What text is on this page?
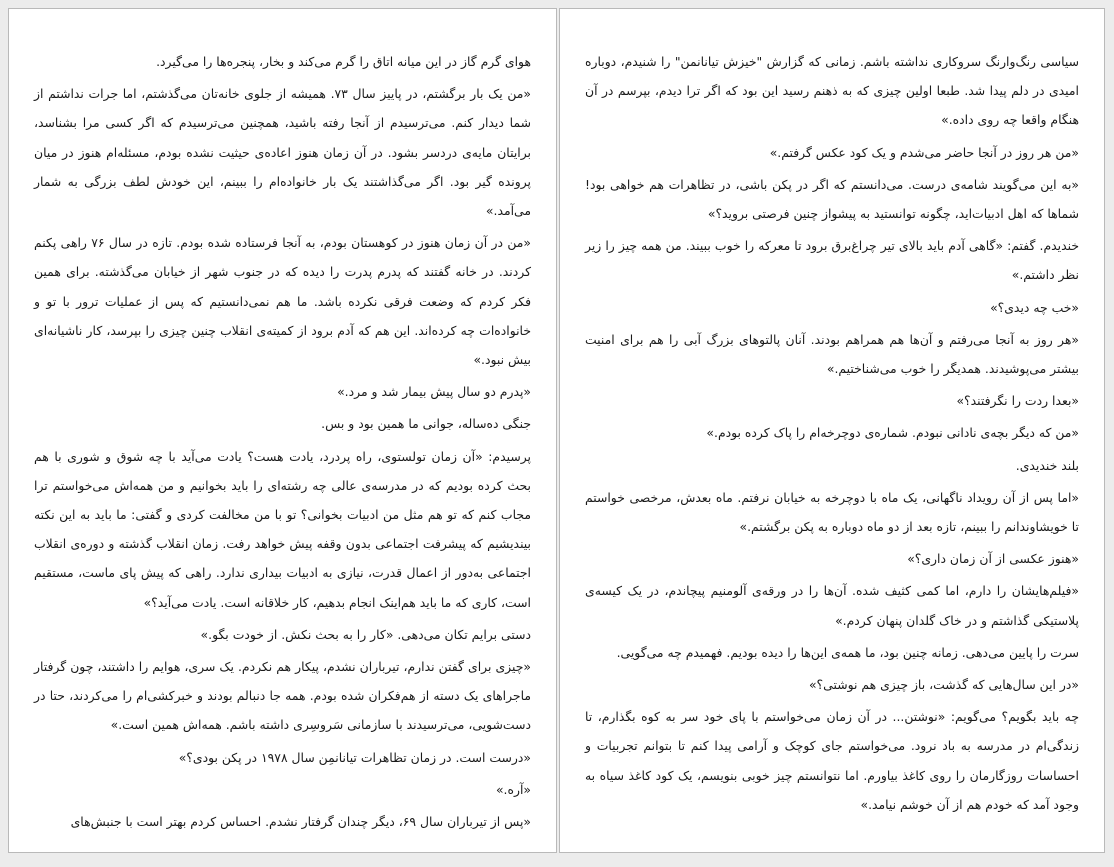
هوای گرم گاز در این میانه اتاق را گرم می‌کند و بخار، پنجره‌ها را می‌گیرد.

«من یک بار برگشتم، در پاییز سال ۷۳. همیشه از جلوی خانه‌تان می‌گذشتم، اما جرات نداشتم از شما دیدار کنم. می‌ترسیدم از آنجا رفته باشید، همچنین می‌ترسیدم که اگر کسی مرا بشناسد، برایتان مایه‌ی دردسر بشود. در آن زمان هنوز اعاده‌ی حیثیت نشده بودم، مسئله‌ام هنوز در میان پرونده گیر بود. اگر می‌گذاشتند یک بار خانواده‌ام را ببینم، این خودش لطف بزرگی به شمار می‌آمد.»

«من در آن زمان هنوز در کوهستان بودم، به آنجا فرستاده شده بودم. تازه در سال ۷۶ راهی پکنم کردند. در خانه گفتند که پدرم پدرت را دیده که در جنوب شهر از خیابان می‌گذشته. برای همین فکر کردم که وضعت فرقی نکرده باشد. ما هم نمی‌دانستیم که پس از عملیات ترور با تو و خانواده‌ات چه کرده‌اند. این هم که آدم برود از کمیته‌ی انقلاب چنین چیزی را بپرسد، کار ناشیانه‌ای بیش نبود.»

«پدرم دو سال پیش بیمار شد و مرد.»

جنگی ده‌ساله، جوانی ما همین بود و بس.

پرسیدم: «آن زمان تولستوی، راه پردرد، یادت هست؟ یادت می‌آید با چه شوق و شوری با هم بحث کرده بودیم که در مدرسه‌ی عالی چه رشته‌ای را باید بخوانیم و من همه‌اش می‌خواستم ترا مجاب کنم که تو هم مثل من ادبیات بخوانی؟ تو با من مخالفت کردی و گفتی: ما باید به این نکته بیندیشیم که پیشرفت اجتماعی بدون وقفه پیش خواهد رفت. زمان انقلاب گذشته و دوره‌ی انقلاب اجتماعی به‌دور از اعمال قدرت، نیازی به ادبیات بیداری ندارد. راهی که پیش پای ماست، مستقیم است، کاری که ما باید هم‌اینک انجام بدهیم، کار خلاقانه است. یادت می‌آید؟»

دستی برایم تکان می‌دهی. «کار را به بحث نکش. از خودت بگو.»

«چیزی برای گفتن ندارم، تیرباران نشدم، پیکار هم نکردم. یک سری، هوایم را داشتند، چون گرفتار ماجراهای یک دسته از هم‌فکران شده بودم. همه جا دنبالم بودند و خبرکشی‌ام را می‌کردند، حتا در دست‌شویی، می‌ترسیدند با سازمانی سَروسِری داشته باشم. همه‌اش همین است.»

«درست است. در زمان تظاهرات تیانانمِن سال ۱۹۷۸ در پکن بودی؟»

«آره.»

«پس از تیرباران سال ۶۹، دیگر چندان گرفتار نشدم. احساس کردم بهتر است با جنبش‌های

سیاسی رنگ‌وارنگ سروکاری نداشته باشم. زمانی که گزارش "خیزش تیانانمن" را شنیدم، دوباره امیدی در دلم پیدا شد. طبعا اولین چیزی که به ذهنم رسید این بود که اگر ترا دیدم، بپرسم در آن هنگام واقعا چه روی داده.»

«من هر روز در آنجا حاضر می‌شدم و یک کود عکس گرفتم.»

«به این می‌گویند شامه‌ی درست. می‌دانستم که اگر در پکن باشی، در تظاهرات هم خواهی بود! شماها که اهل ادبیات‌اید، چگونه توانستید به پیشواز چنین فرصتی بروید؟»

خندیدم. گفتم: «گاهی آدم باید بالای تیر چراغ‌برق برود تا معرکه را خوب ببیند. من همه چیز را زیر نظر داشتم.»

«خب چه دیدی؟»

«هر روز به آنجا می‌رفتم و آن‌ها هم همراهم بودند. آنان پالتوهای بزرگ آبی را هم برای امنیت بیشتر می‌پوشیدند. همدیگر را خوب می‌شناختیم.»

«بعدا ردت را نگرفتند؟»

«من که دیگر بچه‌ی نادانی نبودم. شماره‌ی دوچرخه‌ام را پاک کرده بودم.»

بلند خندیدی.

«اما پس از آن رویداد ناگهانی، یک ماه با دوچرخه به خیابان نرفتم. ماه بعدش، مرخصی خواستم تا خویشاوندانم را ببینم، تازه بعد از دو ماه دوباره به پکن برگشتم.»

«هنوز عکسی از آن زمان داری؟»

«فیلم‌هایشان را دارم، اما کمی کثیف شده. آن‌ها را در ورقه‌ی آلومنیم پیچاندم، در یک کیسه‌ی پلاستیکی گذاشتم و در خاک گلدان پنهان کردم.»

سرت را پایین می‌دهی. زمانه چنین بود، ما همه‌ی این‌ها را دیده بودیم. فهمیدم چه می‌گویی.

«در این سال‌هایی که گذشت، باز چیزی هم نوشتی؟»

چه باید بگویم؟ می‌گویم: «نوشتن... در آن زمان می‌خواستم با پای خود سر به کوه بگذارم، تا زندگی‌ام در مدرسه به باد نرود. می‌خواستم جای کوچک و آرامی پیدا کنم تا بتوانم تجربیات و احساسات روزگارمان را روی کاغذ بیاورم. اما نتوانستم چیز خوبی بنویسم، یک کود کاغذ سیاه به وجود آمد که خودم هم از آن خوشم نیامد.»
